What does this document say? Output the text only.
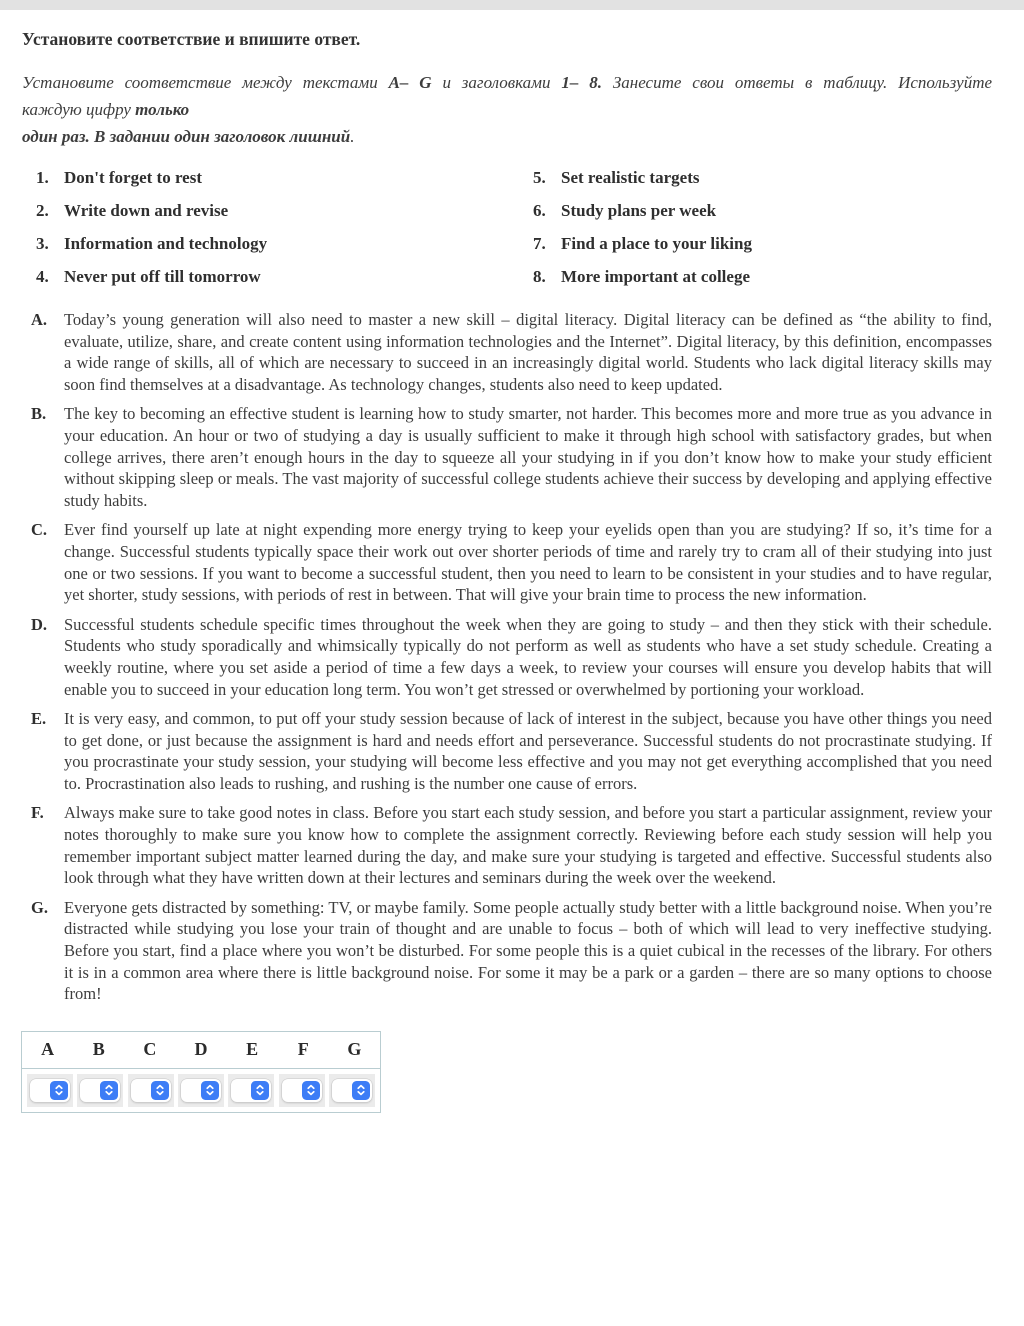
Установите соответствие и впишите ответ.
Установите соответствие между текстами А– G и заголовками 1– 8. Занесите свои ответы в таблицу. Используйте
каждую цифру только
один раз. В задании один заголовок лишний.
1. Don't forget to rest
2. Write down and revise
3. Information and technology
4. Never put off till tomorrow
5. Set realistic targets
6. Study plans per week
7. Find a place to your liking
8. More important at college
A.	Today’s young generation will also need to master a new skill – digital literacy. Digital literacy can be defined as “the ability to find, evaluate, utilize, share, and create content using information technologies and the Internet”. Digital literacy, by this definition, encompasses a wide range of skills, all of which are necessary to succeed in an increasingly digital world. Students who lack digital literacy skills may soon find themselves at a disadvantage. As technology changes, students also need to keep updated.

B.	The key to becoming an effective student is learning how to study smarter, not harder. This becomes more and more true as you advance in your education. An hour or two of studying a day is usually sufficient to make it through high school with satisfactory grades, but when college arrives, there aren’t enough hours in the day to squeeze all your studying in if you don’t know how to make your study efficient without skipping sleep or meals. The vast majority of successful college students achieve their success by developing and applying effective study habits.

C.	Ever find yourself up late at night expending more energy trying to keep your eyelids open than you are studying? If so, it’s time for a change. Successful students typically space their work out over shorter periods of time and rarely try to cram all of their studying into just one or two sessions. If you want to become a successful student, then you need to learn to be consistent in your studies and to have regular, yet shorter, study sessions, with periods of rest in between. That will give your brain time to process the new information.

D.	Successful students schedule specific times throughout the week when they are going to study – and then they stick with their schedule. Students who study sporadically and whimsically typically do not perform as well as students who have a set study schedule. Creating a weekly routine, where you set aside a period of time a few days a week, to review your courses will ensure you develop habits that will enable you to succeed in your education long term. You won’t get stressed or overwhelmed by portioning your workload.

E.	It is very easy, and common, to put off your study session because of lack of interest in the subject, because you have other things you need to get done, or just because the assignment is hard and needs effort and perseverance. Successful students do not procrastinate studying. If you procrastinate your study session, your studying will become less effective and you may not get everything accomplished that you need to. Procrastination also leads to rushing, and rushing is the number one cause of errors.

F.	Always make sure to take good notes in class. Before you start each study session, and before you start a particular assignment, review your notes thoroughly to make sure you know how to complete the assignment correctly. Reviewing before each study session will help you remember important subject matter learned during the day, and make sure your studying is targeted and effective. Successful students also look through what they have written down at their lectures and seminars during the week over the weekend.

G. Everyone gets distracted by something: TV, or maybe family. Some people actually study better with a little background noise. When you’re distracted while studying you lose your train of thought and are unable to focus – both of which will lead to very ineffective studying. Before you start, find a place where you won’t be disturbed. For some people this is a quiet cubical in the recesses of the library. For others it is in a common area where there is little background noise. For some it may be a park or a garden – there are so many options to choose from!

A	B	C	D	E	F	G
